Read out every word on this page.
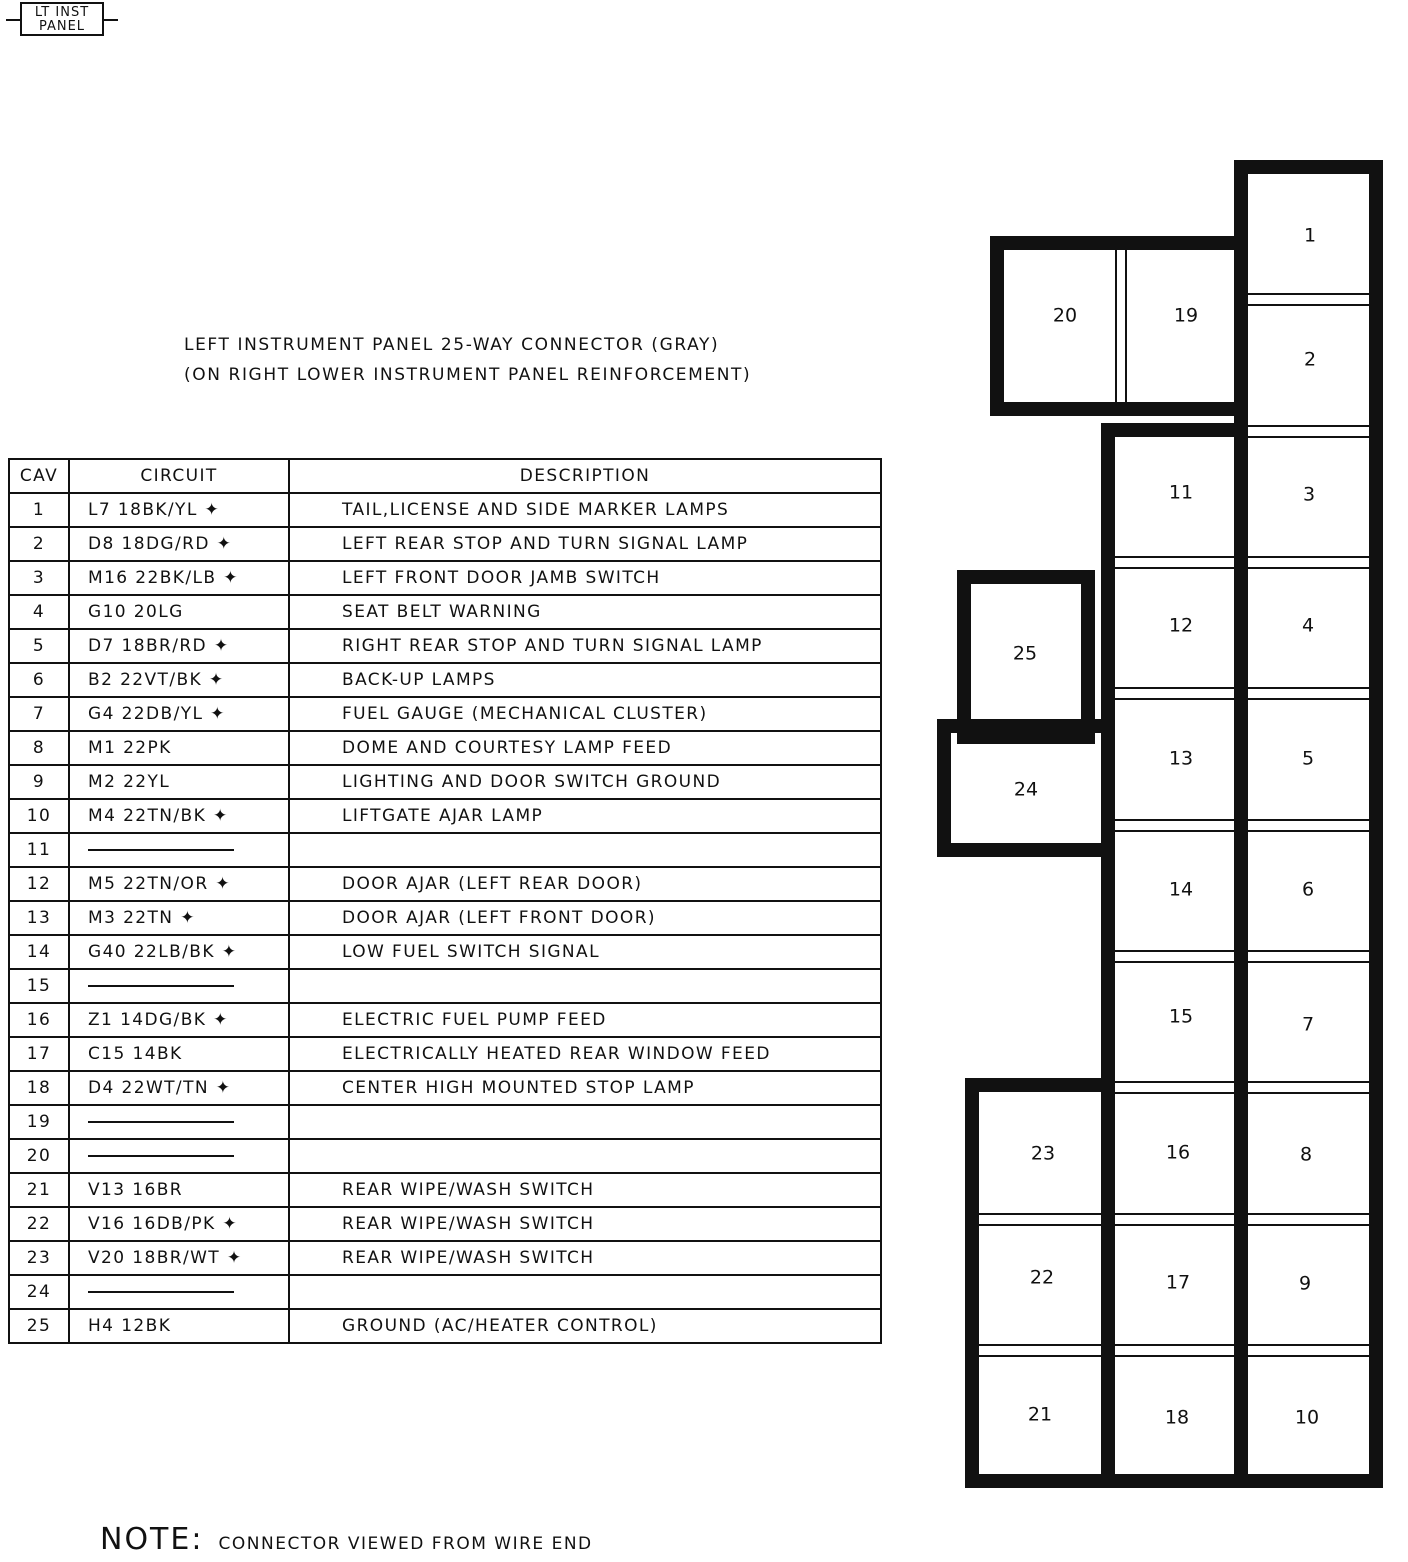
LT INST
PANEL
LEFT INSTRUMENT PANEL 25-WAY CONNECTOR (GRAY)
(ON RIGHT LOWER INSTRUMENT PANEL REINFORCEMENT)
CAV	CIRCUIT	DESCRIPTION
1	L7 18BK/YL ✦	TAIL,LICENSE AND SIDE MARKER LAMPS
2	D8 18DG/RD ✦	LEFT REAR STOP AND TURN SIGNAL LAMP
3	M16 22BK/LB ✦	LEFT FRONT DOOR JAMB SWITCH
4	G10 20LG	SEAT BELT WARNING
5	D7 18BR/RD ✦	RIGHT REAR STOP AND TURN SIGNAL LAMP
6	B2 22VT/BK ✦	BACK-UP LAMPS
7	G4 22DB/YL ✦	FUEL GAUGE (MECHANICAL CLUSTER)
8	M1 22PK	DOME AND COURTESY LAMP FEED
9	M2 22YL	LIGHTING AND DOOR SWITCH GROUND
10	M4 22TN/BK ✦	LIFTGATE AJAR LAMP
11		
12	M5 22TN/OR ✦	DOOR AJAR (LEFT REAR DOOR)
13	M3 22TN ✦	DOOR AJAR (LEFT FRONT DOOR)
14	G40 22LB/BK ✦	LOW FUEL SWITCH SIGNAL
15		
16	Z1 14DG/BK ✦	ELECTRIC FUEL PUMP FEED
17	C15 14BK	ELECTRICALLY HEATED REAR WINDOW FEED
18	D4 22WT/TN ✦	CENTER HIGH MOUNTED STOP LAMP
19		
20		
21	V13 16BR	REAR WIPE/WASH SWITCH
22	V16 16DB/PK ✦	REAR WIPE/WASH SWITCH
23	V20 18BR/WT ✦	REAR WIPE/WASH SWITCH
24		
25	H4 12BK	GROUND (AC/HEATER CONTROL)
1
2
3
4
5
6
7
8
9
10
11
12
13
14
15
16
17
18
19
20
21
22
23
24
25
NOTE: CONNECTOR VIEWED FROM WIRE END
